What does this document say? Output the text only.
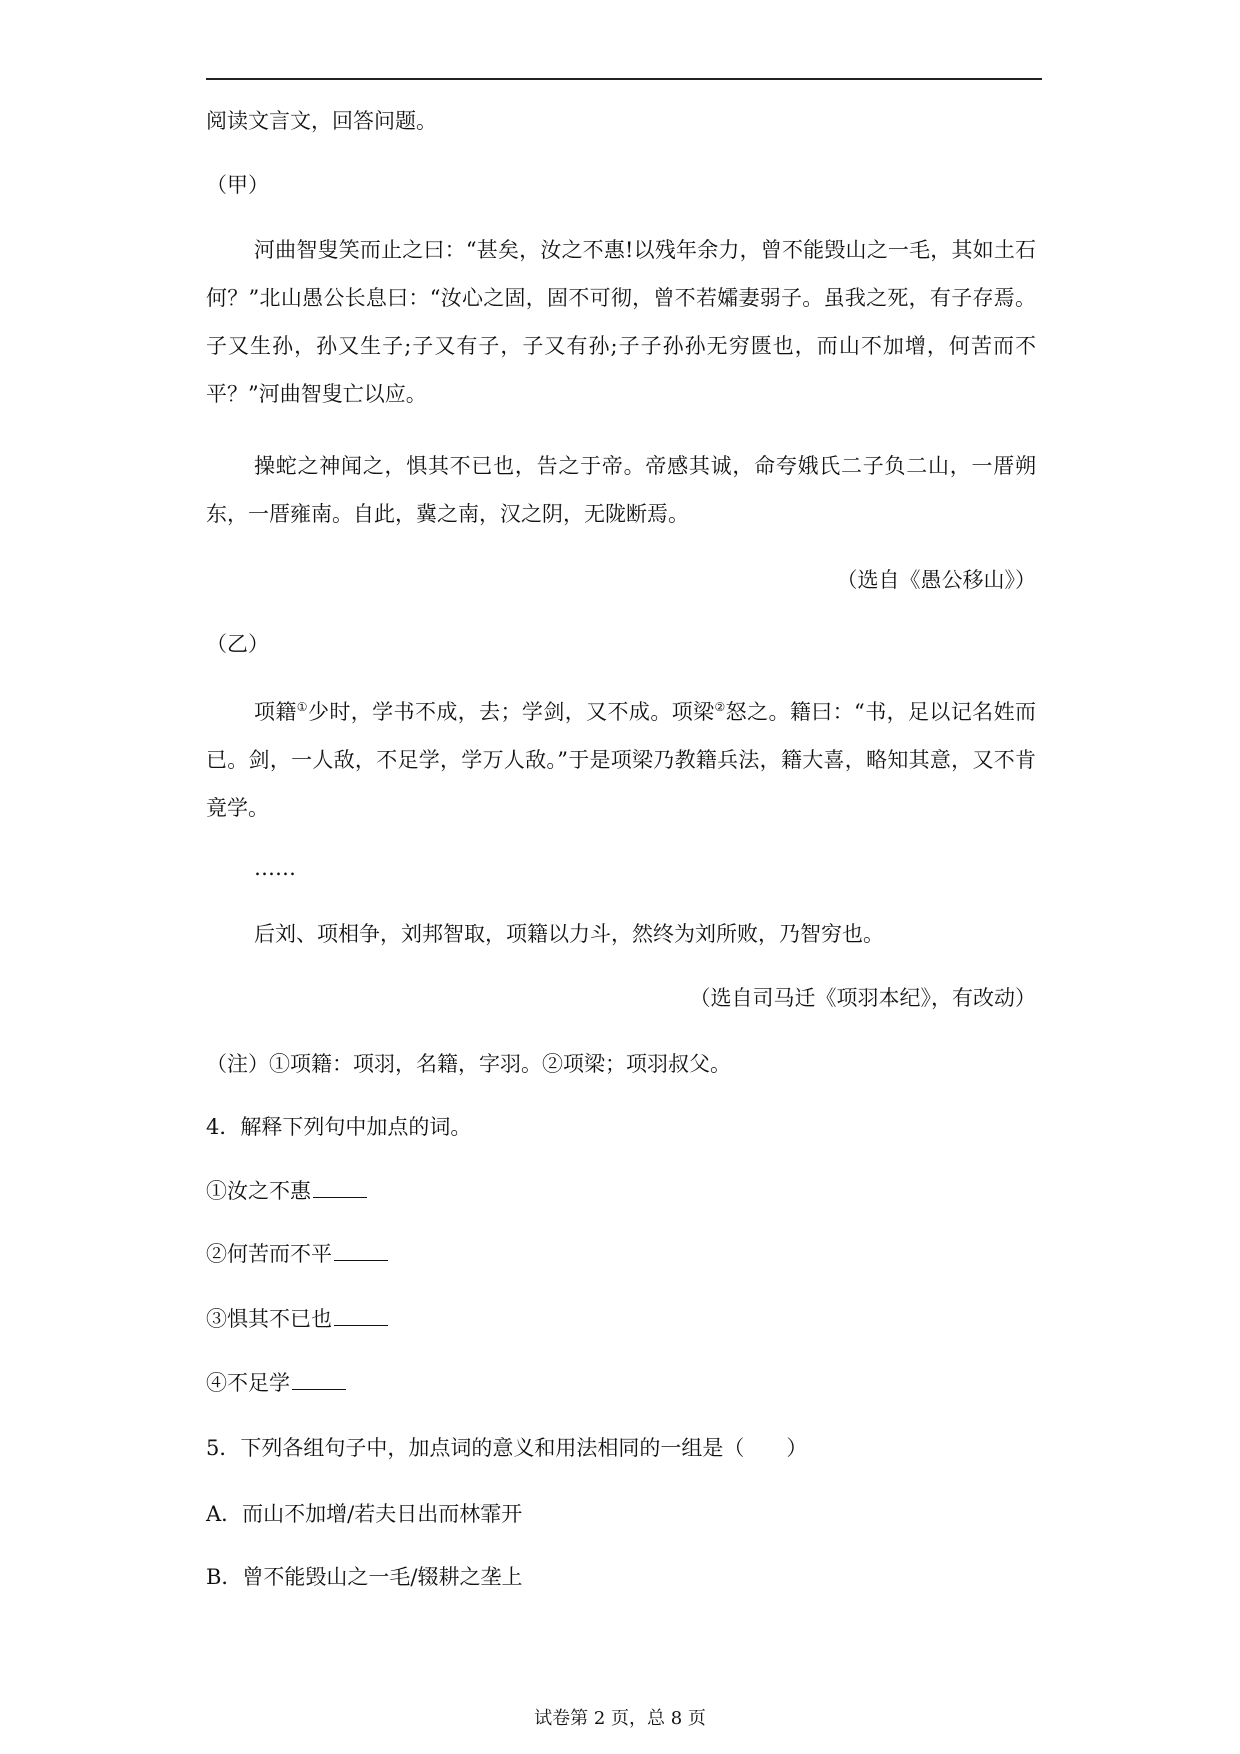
阅读文言文，回答问题。
（甲）
河曲智叟笑而止之曰：“甚矣，汝之不惠!以残年余力，曾不能毁山之一毛，其如土石何？”北山愚公长息曰：“汝心之固，固不可彻，曾不若孀妻弱子。虽我之死，有子存焉。子又生孙，孙又生子;子又有子，子又有孙;子子孙孙无穷匮也，而山不加增，何苦而不平？”河曲智叟亡以应。
操蛇之神闻之，惧其不已也，告之于帝。帝感其诚，命夸娥氏二子负二山，一厝朔东，一厝雍南。自此，冀之南，汉之阴，无陇断焉。
（选自《愚公移山》）
（乙）
项籍①少时，学书不成，去；学剑，又不成。项梁②怒之。籍曰：“书，足以记名姓而已。剑，一人敌，不足学，学万人敌。”于是项梁乃教籍兵法，籍大喜，略知其意，又不肯竟学。
……
后刘、项相争，刘邦智取，项籍以力斗，然终为刘所败，乃智穷也。
（选自司马迁《项羽本纪》，有改动）
（注）①项籍：项羽，名籍，字羽。②项梁；项羽叔父。
4．解释下列句中加点的词。
①汝之不惠
②何苦而不平
③惧其不已也
④不足学
5．下列各组句子中，加点词的意义和用法相同的一组是（　　）
A．而山不加增/若夫日出而林霏开
B．曾不能毁山之一毛/辍耕之垄上
试卷第 2 页，总 8 页
